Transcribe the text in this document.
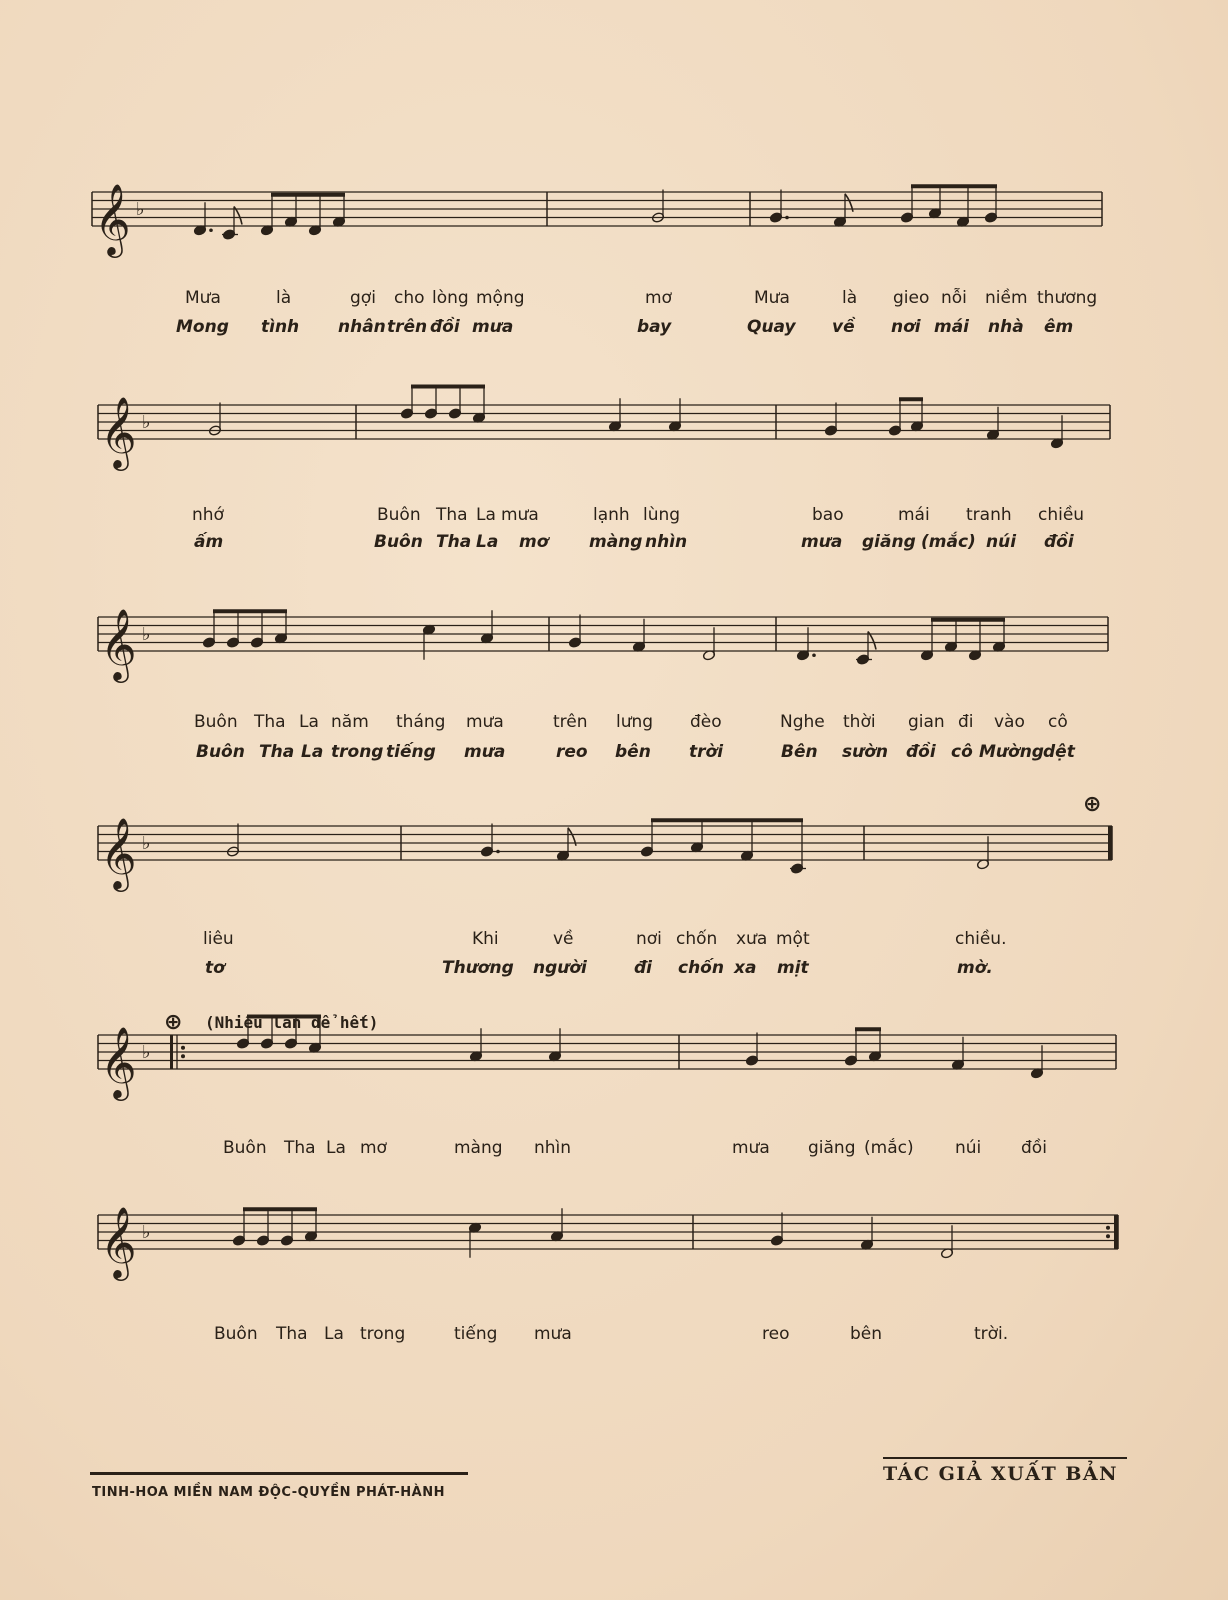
𝄞 ♭
𝄞 ♭
𝄞 ♭
𝄞 ♭
𝄞 ♭
𝄞 ♭
Mưa	là	gợi cho lòng mộng	mơ	Mưa	là gieo nỗi niềm thương
Mong tình nhân trên đồi mưa	bay	Quay về nơi mái nhà êm
nhớ	Buôn Tha La mưa	lạnh lùng	bao	mái tranh chiều
ấm	Buôn Tha La mơ màng nhìn	mưa giăng (mắc) núi đồi
Buôn Tha La năm tháng mưa	trên lưng đèo	Nghe thời gian đi vào cô
Buôn Tha La trong tiếng mưa	reo bên trời	Bên sườn đồi cô Mường dệt
liêu	Khi	về	nơi chốn xưa một	chiều.
tơ	Thương người	đi chốn xa mịt	mờ.
Buôn Tha La mơ	màng nhìn	mưa giăng (mắc) núi đồi
Buôn Tha La trong	tiếng mưa	reo	bên	trời.
⊕
⊕ (Nhiều lần để hết)
TINH-HOA MIỀN NAM ĐỘC-QUYỀN PHÁT-HÀNH
TÁC GIẢ XUẤT BẢN
